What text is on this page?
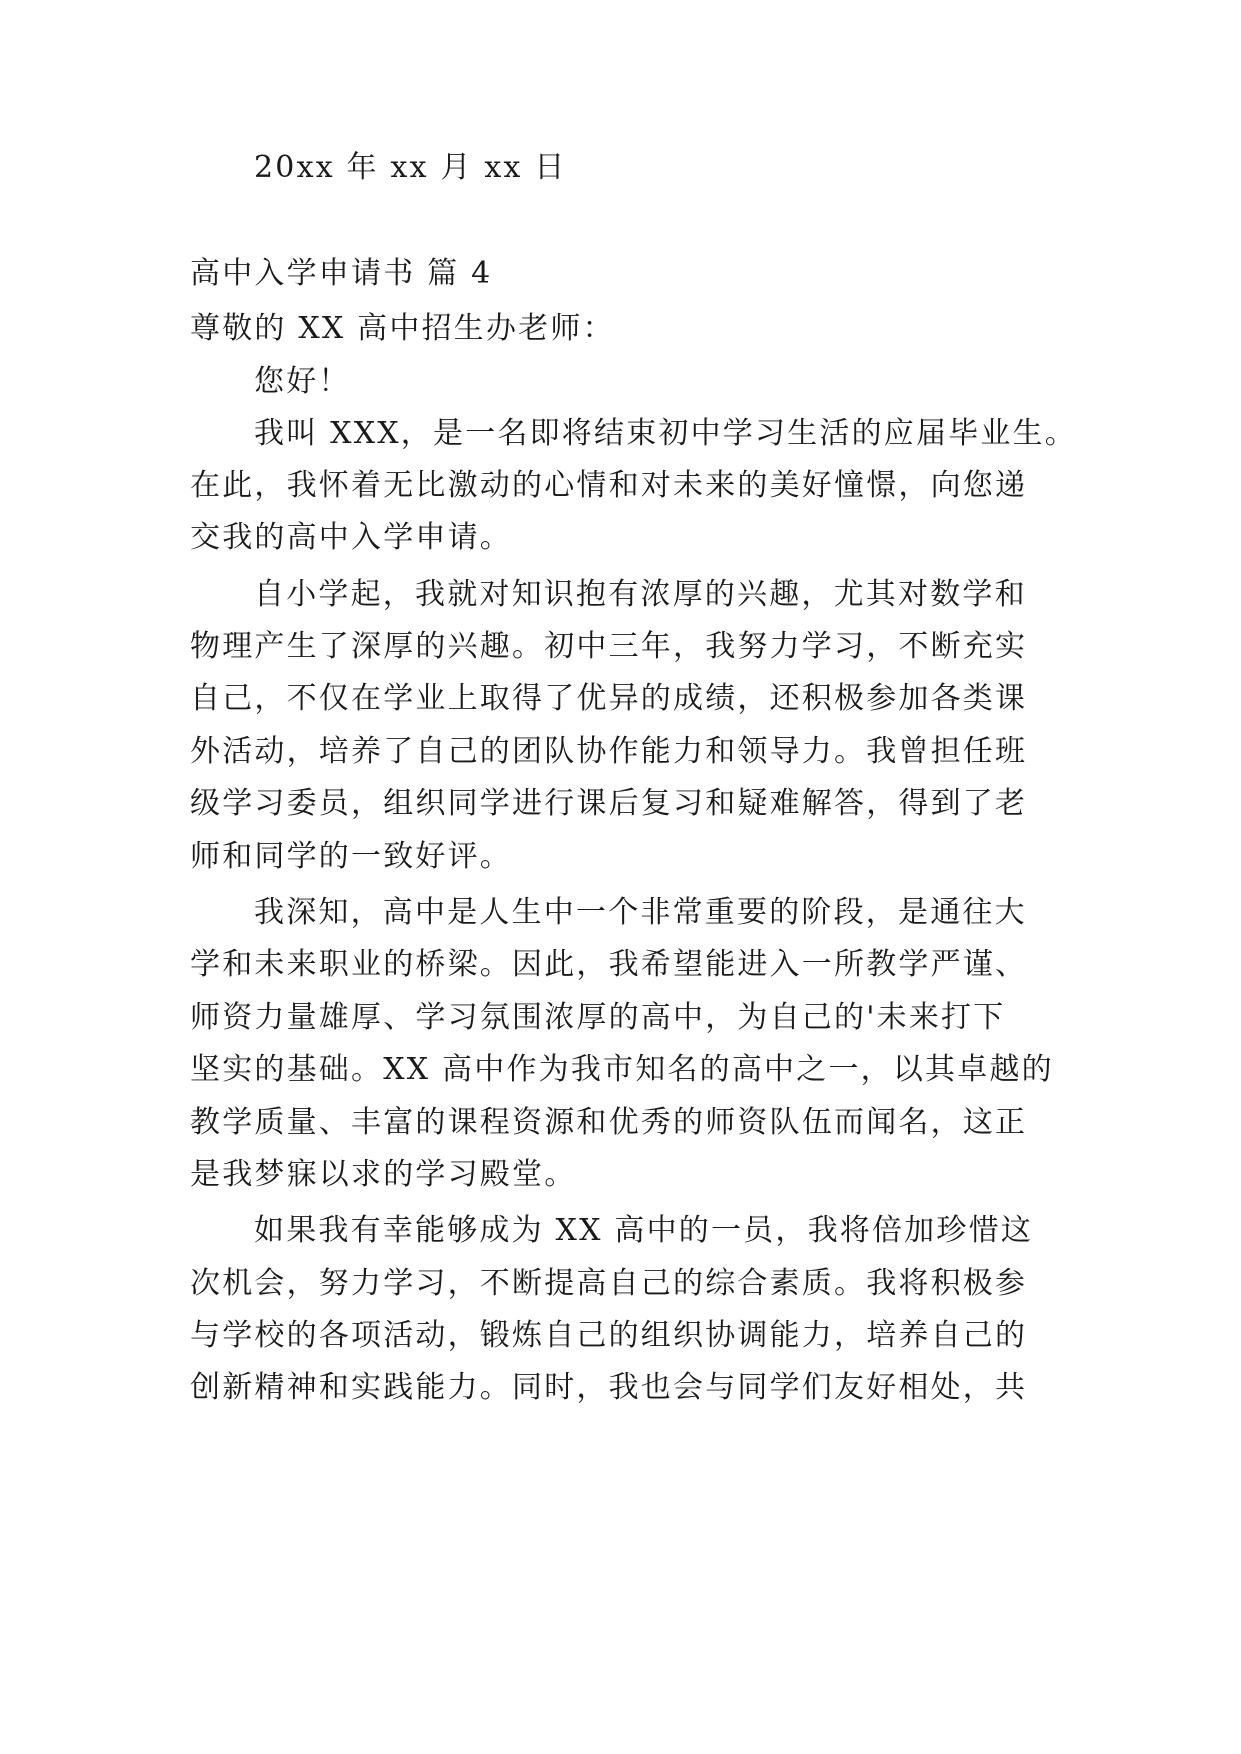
20xx 年 xx 月 xx 日
高中入学申请书 篇 4
尊敬的 XX 高中招生办老师：
您好！
我叫 XXX，是一名即将结束初中学习生活的应届毕业生。
在此，我怀着无比激动的心情和对未来的美好憧憬，向您递
交我的高中入学申请。
自小学起，我就对知识抱有浓厚的兴趣，尤其对数学和
物理产生了深厚的兴趣。初中三年，我努力学习，不断充实
自己，不仅在学业上取得了优异的成绩，还积极参加各类课
外活动，培养了自己的团队协作能力和领导力。我曾担任班
级学习委员，组织同学进行课后复习和疑难解答，得到了老
师和同学的一致好评。
我深知，高中是人生中一个非常重要的阶段，是通往大
学和未来职业的桥梁。因此，我希望能进入一所教学严谨、
师资力量雄厚、学习氛围浓厚的高中，为自己的'未来打下
坚实的基础。XX 高中作为我市知名的高中之一，以其卓越的
教学质量、丰富的课程资源和优秀的师资队伍而闻名，这正
是我梦寐以求的学习殿堂。
如果我有幸能够成为 XX 高中的一员，我将倍加珍惜这
次机会，努力学习，不断提高自己的综合素质。我将积极参
与学校的各项活动，锻炼自己的组织协调能力，培养自己的
创新精神和实践能力。同时，我也会与同学们友好相处，共
